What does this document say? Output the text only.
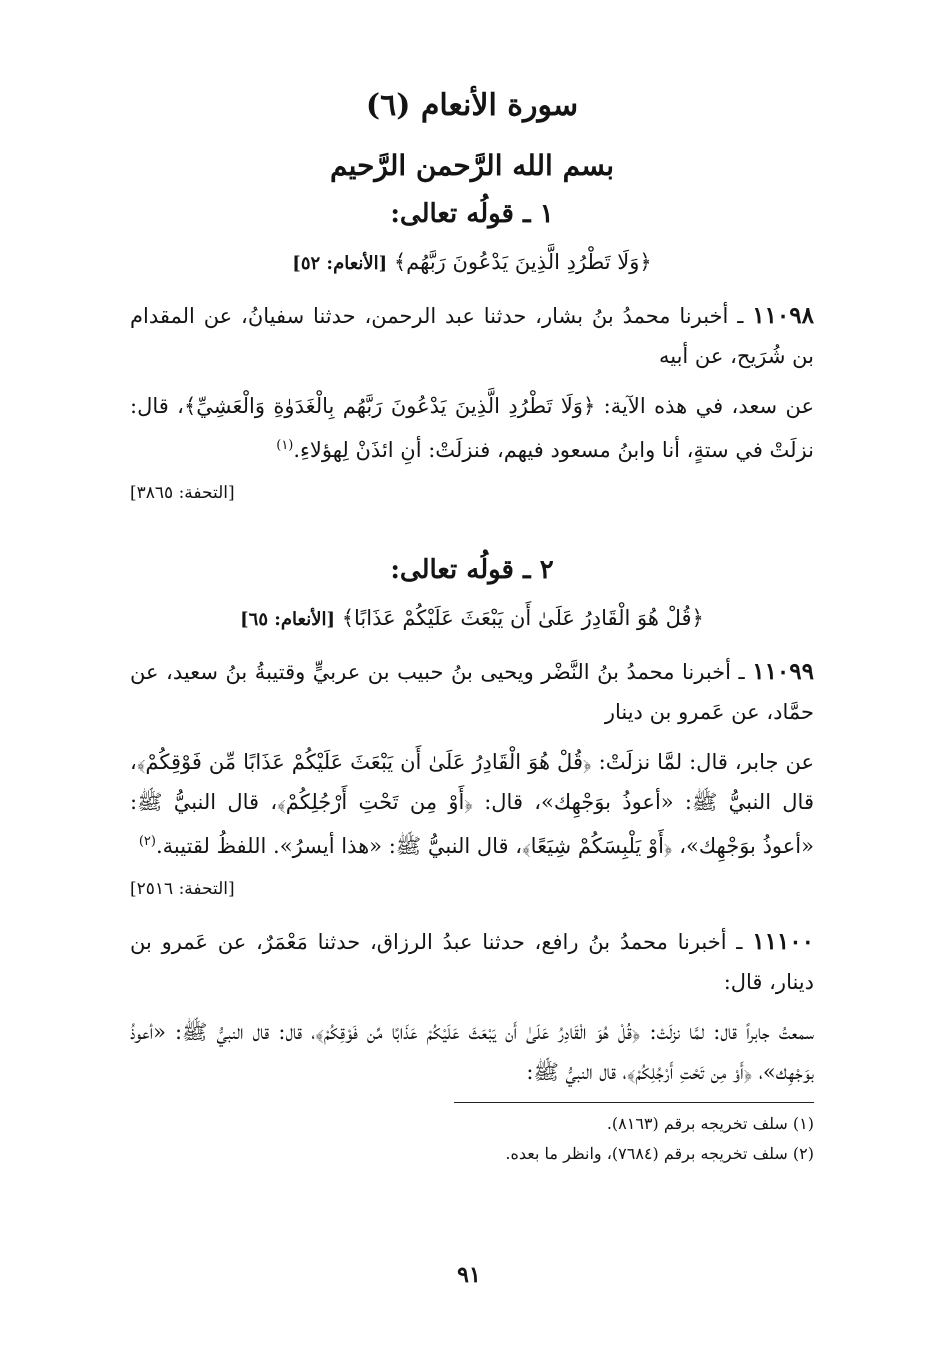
سورة الأنعام (٦)
بسم الله الرَّحمن الرَّحيم
١ ـ قولُه تعالى:
﴿وَلَا تَطْرُدِ الَّذِينَ يَدْعُونَ رَبَّهُم﴾ [الأنعام: ٥٢]

١١٠٩٨ ـ أخبرنا محمدُ بنُ بشار، حدثنا عبد الرحمن، حدثنا سفيانُ، عن المقدام بن شُرَيح، عن أبيه

عن سعد، في هذه الآية: ﴿وَلَا تَطْرُدِ الَّذِينَ يَدْعُونَ رَبَّهُم بِالْغَدَوٰةِ وَالْعَشِيِّ﴾، قال: نزلَتْ في ستةٍ، أنا وابنُ مسعود فيهم، فنزلَتْ: أنِ ائذَنْ لِهؤلاءِ.$^{(١)}$

[التحفة: ٣٨٦٥]
٢ ـ قولُه تعالى:
﴿قُلْ هُوَ الْقَادِرُ عَلَىٰ أَن يَبْعَثَ عَلَيْكُمْ عَذَابًا﴾ [الأنعام: ٦٥]

١١٠٩٩ ـ أخبرنا محمدُ بنُ النَّضْر ويحيى بنُ حبيب بن عربيٍّ وقتيبةُ بنُ سعيد، عن حمَّاد، عن عَمرو بن دينار

عن جابر، قال: لمَّا نزلَتْ: ﴿قُلْ هُوَ الْقَادِرُ عَلَىٰ أَن يَبْعَثَ عَلَيْكُمْ عَذَابًا مِّن فَوْقِكُمْ﴾، قال النبيُّ ﷺ: «أعوذُ بوَجْهِك»، قال: ﴿أَوْ مِن تَحْتِ أَرْجُلِكُمْ﴾، قال النبيُّ ﷺ: «أعوذُ بوَجْهِك»، ﴿أَوْ يَلْبِسَكُمْ شِيَعًا﴾، قال النبيُّ ﷺ: «هذا أيسرُ». اللفظُ لقتيبة.$^{(٢)}$

[التحفة: ٢٥١٦]

١١١٠٠ ـ أخبرنا محمدُ بنُ رافع، حدثنا عبدُ الرزاق، حدثنا مَعْمَرٌ، عن عَمرو بن دينار، قال:

سمعتُ جابراً قال: لمَّا نزلَتْ: ﴿قُلْ هُوَ الْقَادِرُ عَلَىٰ أَن يَبْعَثَ عَلَيْكُمْ عَذَابًا مِّن فَوْقِكُمْ﴾، قال: قال النبيُّ ﷺ: «أعوذُ بوَجْهِك»، ﴿أَوْ مِن تَحْتِ أَرْجُلِكُمْ﴾، قال النبيُّ ﷺ:

(١) سلف تخريجه برقم (٨١٦٣).

(٢) سلف تخريجه برقم (٧٦٨٤)، وانظر ما بعده.

٩١
